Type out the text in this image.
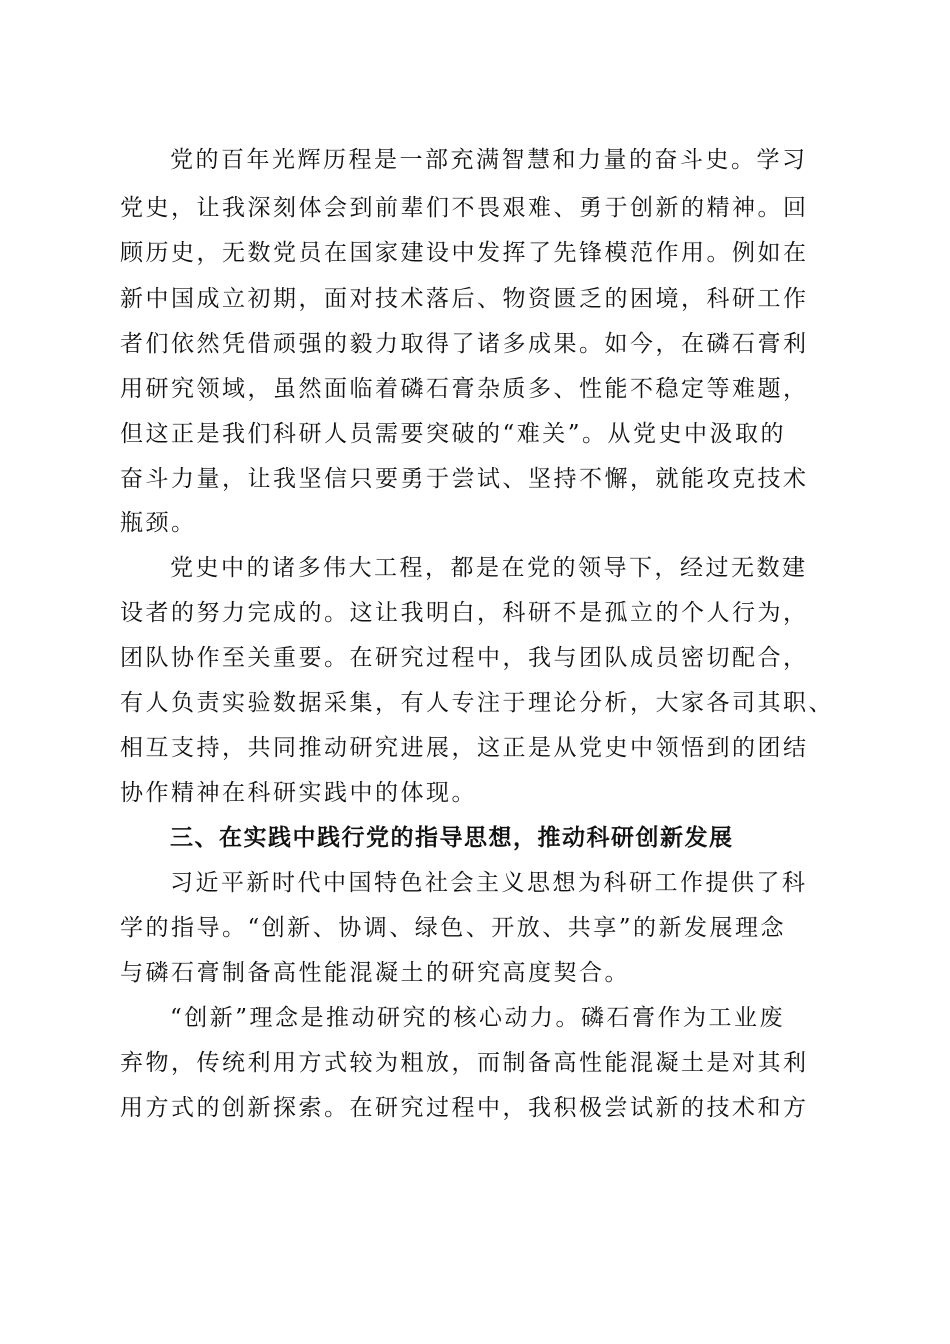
党的百年光辉历程是一部充满智慧和力量的奋斗史。学习
党史，让我深刻体会到前辈们不畏艰难、勇于创新的精神。回
顾历史，无数党员在国家建设中发挥了先锋模范作用。例如在
新中国成立初期，面对技术落后、物资匮乏的困境，科研工作
者们依然凭借顽强的毅力取得了诸多成果。如今，在磷石膏利
用研究领域，虽然面临着磷石膏杂质多、性能不稳定等难题，
但这正是我们科研人员需要突破的“难关”。从党史中汲取的
奋斗力量，让我坚信只要勇于尝试、坚持不懈，就能攻克技术
瓶颈。
党史中的诸多伟大工程，都是在党的领导下，经过无数建
设者的努力完成的。这让我明白，科研不是孤立的个人行为，
团队协作至关重要。在研究过程中，我与团队成员密切配合，
有人负责实验数据采集，有人专注于理论分析，大家各司其职、
相互支持，共同推动研究进展，这正是从党史中领悟到的团结
协作精神在科研实践中的体现。
三、在实践中践行党的指导思想，推动科研创新发展
习近平新时代中国特色社会主义思想为科研工作提供了科
学的指导。“创新、协调、绿色、开放、共享”的新发展理念
与磷石膏制备高性能混凝土的研究高度契合。
“创新”理念是推动研究的核心动力。磷石膏作为工业废
弃物，传统利用方式较为粗放，而制备高性能混凝土是对其利
用方式的创新探索。在研究过程中，我积极尝试新的技术和方
